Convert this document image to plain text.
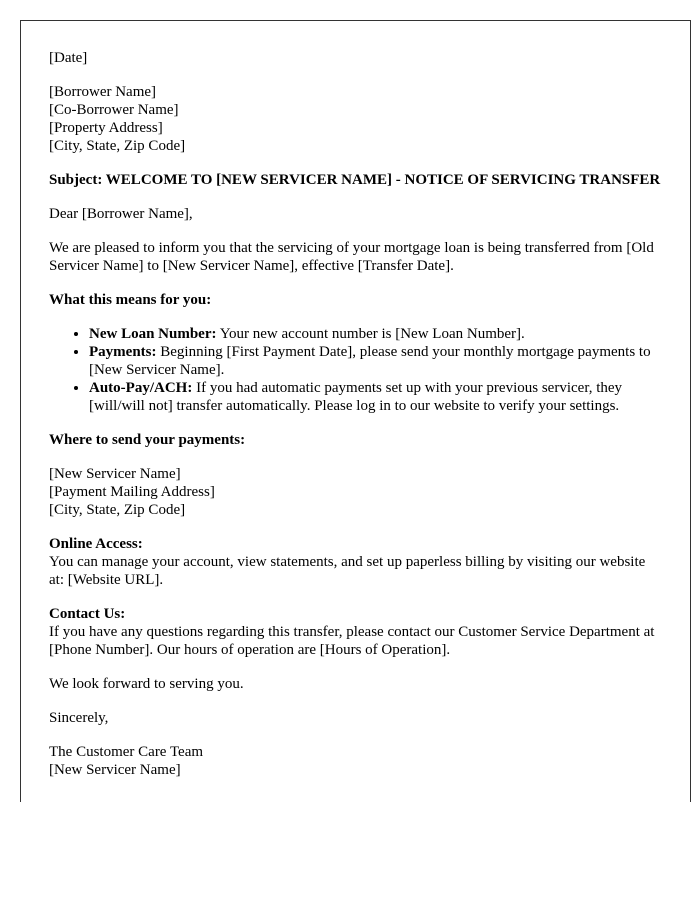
[Date]

[Borrower Name]
[Co-Borrower Name]
[Property Address]
[City, State, Zip Code]

Subject: WELCOME TO [NEW SERVICER NAME] - NOTICE OF SERVICING TRANSFER

Dear [Borrower Name],

We are pleased to inform you that the servicing of your mortgage loan is being transferred from [Old Servicer Name] to [New Servicer Name], effective [Transfer Date].

What this means for you:

• New Loan Number: Your new account number is [New Loan Number].
• Payments: Beginning [First Payment Date], please send your monthly mortgage payments to [New Servicer Name].
• Auto-Pay/ACH: If you had automatic payments set up with your previous servicer, they [will/will not] transfer automatically. Please log in to our website to verify your settings.

Where to send your payments:

[New Servicer Name]
[Payment Mailing Address]
[City, State, Zip Code]

Online Access:
You can manage your account, view statements, and set up paperless billing by visiting our website at: [Website URL].

Contact Us:
If you have any questions regarding this transfer, please contact our Customer Service Department at [Phone Number]. Our hours of operation are [Hours of Operation].

We look forward to serving you.

Sincerely,

The Customer Care Team
[New Servicer Name]
